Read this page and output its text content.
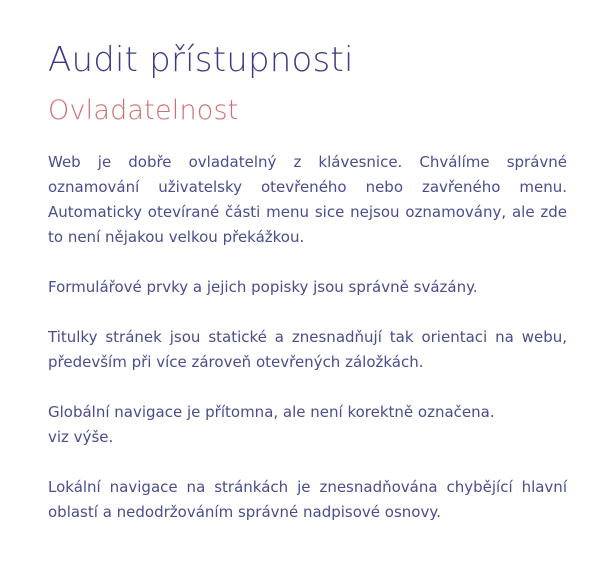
Audit přístupnosti
Ovladatelnost

Web je dobře ovladatelný z klávesnice. Chválíme správné oznamování uživatelsky otevřeného nebo zavřeného menu. Automaticky otevírané části menu sice nejsou oznamovány, ale zde to není nějakou velkou překážkou.

Formulářové prvky a jejich popisky jsou správně svázány.

Titulky stránek jsou statické a znesnadňují tak orientaci na webu, především při více zároveň otevřených záložkách.

Globální navigace je přítomna, ale není korektně označena.
viz výše.

Lokální navigace na stránkách je znesnadňována chybějící hlavní oblastí a nedodržováním správné nadpisové osnovy.
